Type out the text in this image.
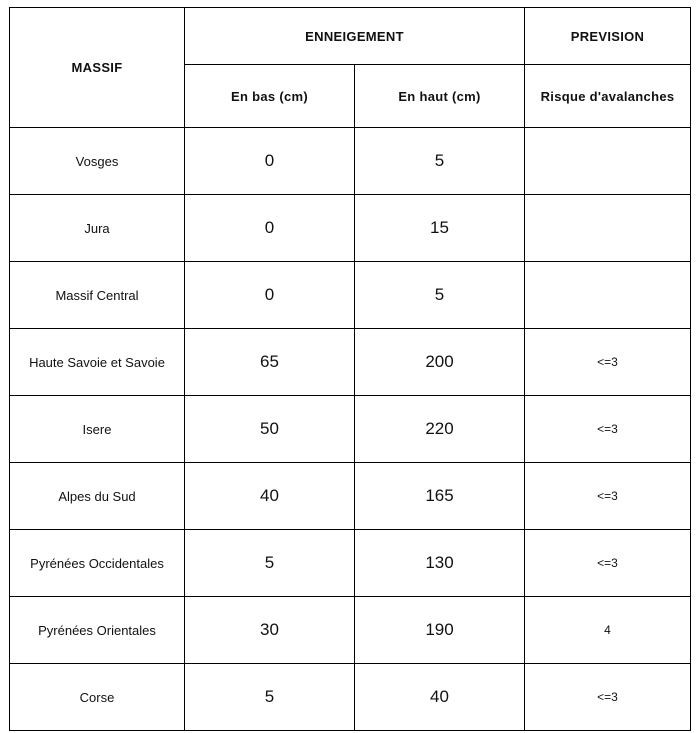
MASSIF	ENNEIGEMENT		PREVISION
	En bas (cm)	En haut (cm)	Risque d'avalanches
Vosges	0	5	
Jura	0	15	
Massif Central	0	5	
Haute Savoie et Savoie	65	200	<=3
Isere	50	220	<=3
Alpes du Sud	40	165	<=3
Pyrénées Occidentales	5	130	<=3
Pyrénées Orientales	30	190	4
Corse	5	40	<=3
